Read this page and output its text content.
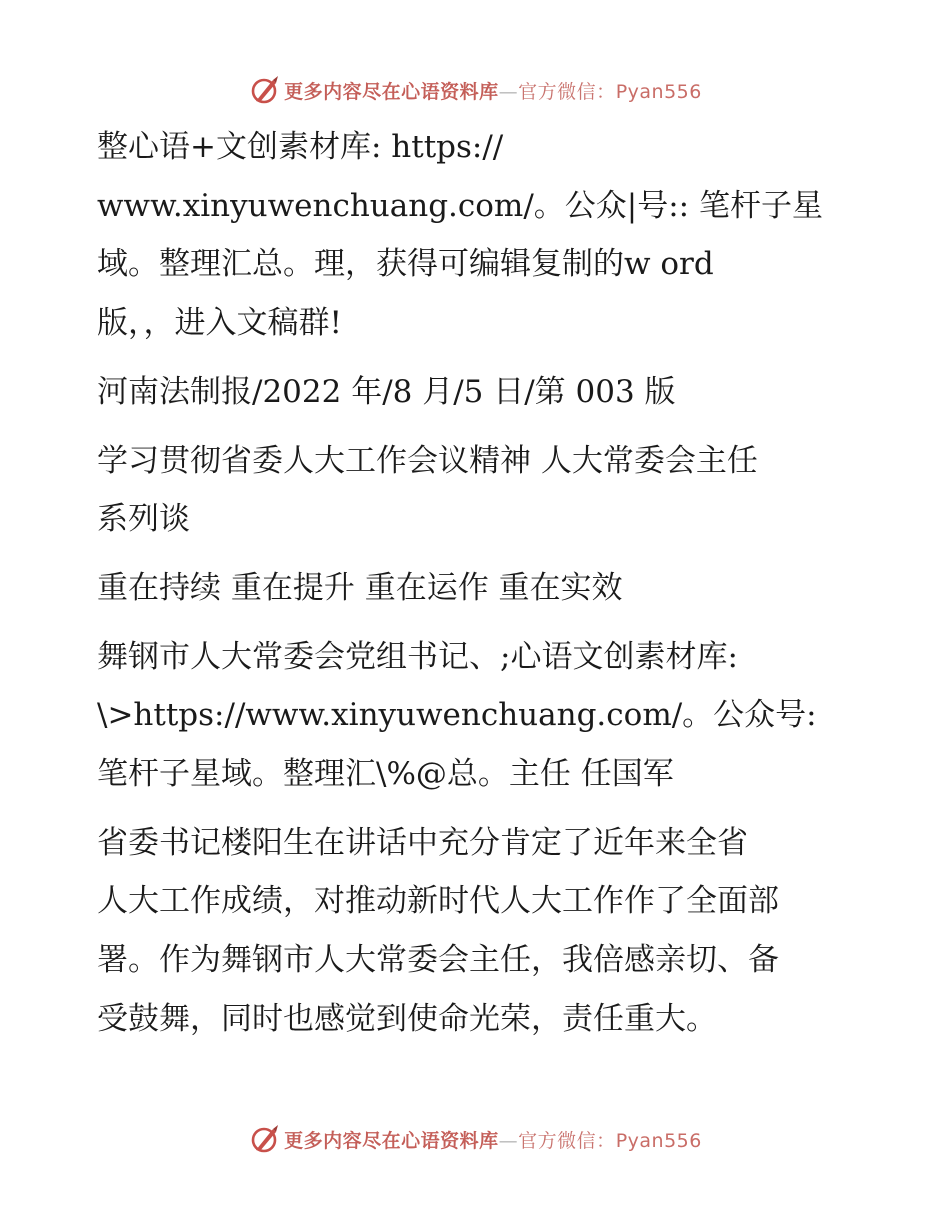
更多内容尽在心语资料库—官方微信：Pyan556
整心语+文创素材库: https://
www.xinyuwenchuang.com/。公众|号:: 笔杆子星
域。整理汇总。理，获得可编辑复制的w ord
版，，进入文稿群!
河南法制报/2022 年/8 月/5 日/第 003 版
学习贯彻省委人大工作会议精神 人大常委会主任
系列谈
重在持续 重在提升 重在运作 重在实效
舞钢市人大常委会党组书记、;心语文创素材库:
\>https://www.xinyuwenchuang.com/。公众号:
笔杆子星域。整理汇\%@总。主任 任国军
省委书记楼阳生在讲话中充分肯定了近年来全省
人大工作成绩，对推动新时代人大工作作了全面部
署。作为舞钢市人大常委会主任，我倍感亲切、备
受鼓舞，同时也感觉到使命光荣，责任重大。
更多内容尽在心语资料库—官方微信：Pyan556
